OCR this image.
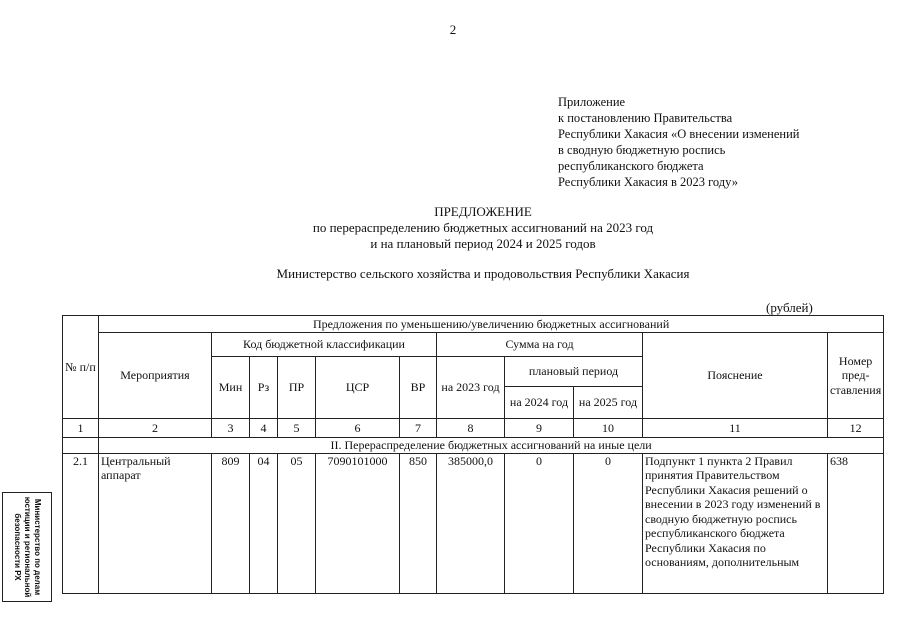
2
Приложение
к постановлению Правительства
Республики Хакасия «О внесении изменений
в сводную бюджетную роспись
республиканского бюджета
Республики Хакасия в 2023 году»
ПРЕДЛОЖЕНИЕ
по перераспределению бюджетных ассигнований на 2023 год
и на плановый период 2024 и 2025 годов
Министерство сельского хозяйства и продовольствия Республики Хакасия
(рублей)
№ п/п	Предложения по уменьшению/увеличению бюджетных ассигнований										
	Мероприятия	Код бюджетной классификации					Сумма на год			Пояснение	Номер пред-ставления
		Мин	Рз	ПР	ЦСР	ВР	на 2023 год	плановый период			
								на 2024 год	на 2025 год		
1	2	3	4	5	6	7	8	9	10	11	12
	II. Перераспределение бюджетных ассигнований на иные цели										
2.1	Центральный аппарат	809	04	05	7090101000	850	385000,0	0	0	Подпункт 1 пункта 2 Правил принятия Правительством Республики Хакасия решений о внесении в 2023 году изменений в сводную бюджетную роспись республиканского бюджета Республики Хакасия по основаниям, дополнительным	638
Министерство по делам
юстиции и региональной
безопасности РХ
